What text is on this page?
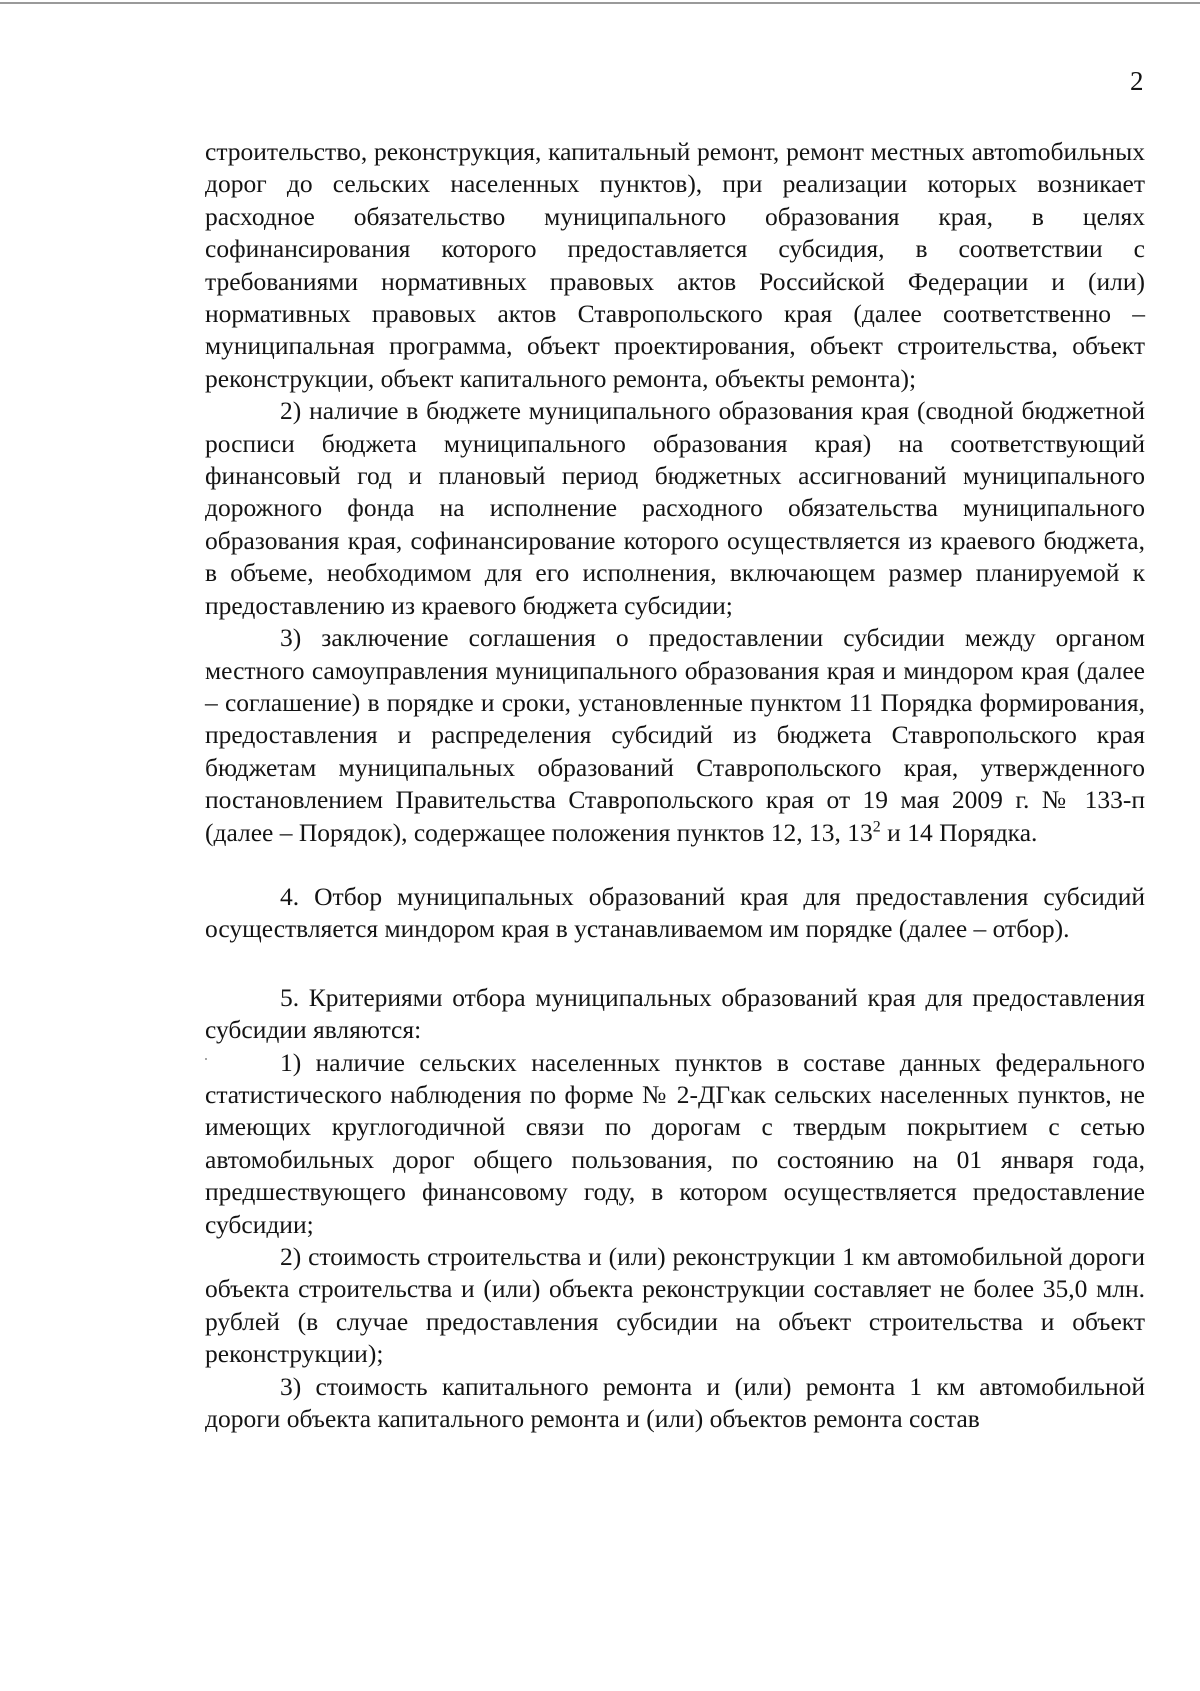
2

строительство, реконструкция, капитальный ремонт, ремонт местных автоmобильных дорог до сельских населенных пунктов), при реализации которых возникает расходное обязательство муниципального образования края, в целях софинансирования которого предоставляется субсидия, в соответствии с требованиями нормативных правовых актов Российской Федерации и (или) нормативных правовых актов Ставропольского края (далее соответственно – муниципальная программа, объект проектирования, объект строительства, объект реконструкции, объект капитального ремонта, объекты ремонта);

2) наличие в бюджете муниципального образования края (сводной бюджетной росписи бюджета муниципального образования края) на соответствующий финансовый год и плановый период бюджетных ассигнований муниципального дорожного фонда на исполнение расходного обязательства муниципального образования края, софинансирование которого осуществляется из краевого бюджета, в объеме, необходимом для его исполнения, включающем размер планируемой к предоставлению из краевого бюджета субсидии;

3) заключение соглашения о предоставлении субсидии между органом местного самоуправления муниципального образования края и миндором края (далее – соглашение) в порядке и сроки, установленные пунктом 11 Порядка формирования, предоставления и распределения субсидий из бюджета Ставропольского края бюджетам муниципальных образований Ставропольского края, утвержденного постановлением Правительства Ставропольского края от 19 мая 2009 г. № 133-п (далее – Порядок), содержащее положения пунктов 12, 13, $13^2$ и 14 Порядка.

4. Отбор муниципальных образований края для предоставления субсидий осуществляется миндором края в устанавливаемом им порядке (далее – отбор).

5. Критериями отбора муниципальных образований края для предоставления субсидии являются:

1) наличие сельских населенных пунктов в составе данных федерального статистического наблюдения по форме № 2-ДГкак сельских населенных пунктов, не имеющих круглогодичной связи по дорогам с твердым покрытием с сетью автомобильных дорог общего пользования, по состоянию на 01 января года, предшествующего финансовому году, в котором осуществляется предоставление субсидии;

2) стоимость строительства и (или) реконструкции 1 км автомобильной дороги объекта строительства и (или) объекта реконструкции составляет не более 35,0 млн. рублей (в случае предоставления субсидии на объект строительства и объект реконструкции);

3) стоимость капитального ремонта и (или) ремонта 1 км автомобильной дороги объекта капитального ремонта и (или) объектов ремонта состав
